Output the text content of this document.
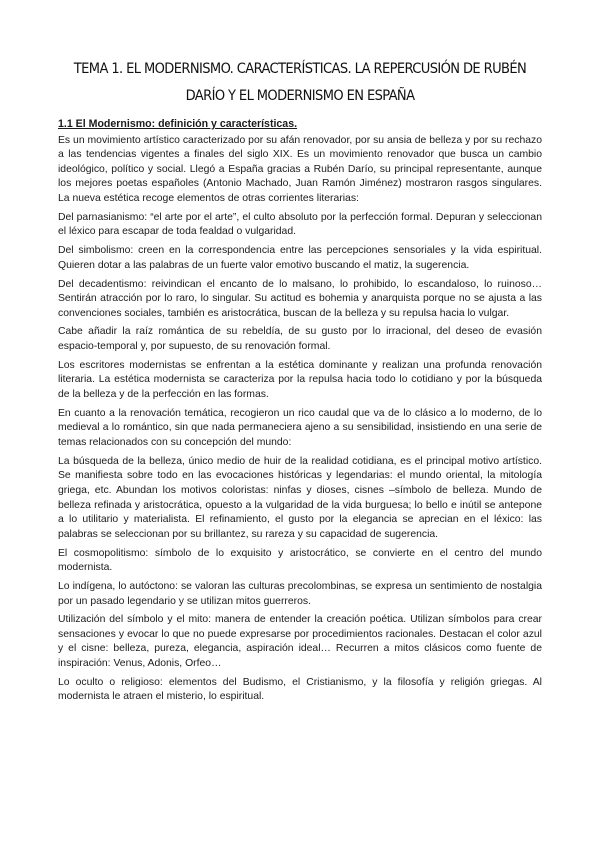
TEMA 1. EL MODERNISMO. CARACTERÍSTICAS. LA REPERCUSIÓN DE RUBÉN DARÍO Y EL MODERNISMO EN ESPAÑA
1.1 El Modernismo: definición y características.

Es un movimiento artístico caracterizado por su afán renovador, por su ansia de belleza y por su rechazo a las tendencias vigentes a finales del siglo XIX. Es un movimiento renovador que busca un cambio ideológico, político y social. Llegó a España gracias a Rubén Darío, su principal representante, aunque los mejores poetas españoles (Antonio Machado, Juan Ramón Jiménez) mostraron rasgos singulares. La nueva estética recoge elementos de otras corrientes literarias:

Del parnasianismo: “el arte por el arte”, el culto absoluto por la perfección formal. Depuran y seleccionan el léxico para escapar de toda fealdad o vulgaridad.

Del simbolismo: creen en la correspondencia entre las percepciones sensoriales y la vida espiritual. Quieren dotar a las palabras de un fuerte valor emotivo buscando el matiz, la sugerencia.

Del decadentismo: reivindican el encanto de lo malsano, lo prohibido, lo escandaloso, lo ruinoso… Sentirán atracción por lo raro, lo singular. Su actitud es bohemia y anarquista porque no se ajusta a las convenciones sociales, también es aristocrática, buscan de la belleza y su repulsa hacia lo vulgar.

Cabe añadir la raíz romántica de su rebeldía, de su gusto por lo irracional, del deseo de evasión espacio-temporal y, por supuesto, de su renovación formal.

Los escritores modernistas se enfrentan a la estética dominante y realizan una profunda renovación literaria. La estética modernista se caracteriza por la repulsa hacia todo lo cotidiano y por la búsqueda de la belleza y de la perfección en las formas.

En cuanto a la renovación temática, recogieron un rico caudal que va de lo clásico a lo moderno, de lo medieval a lo romántico, sin que nada permaneciera ajeno a su sensibilidad, insistiendo en una serie de temas relacionados con su concepción del mundo:

La búsqueda de la belleza, único medio de huir de la realidad cotidiana, es el principal motivo artístico. Se manifiesta sobre todo en las evocaciones históricas y legendarias: el mundo oriental, la mitología griega, etc. Abundan los motivos coloristas: ninfas y dioses, cisnes –símbolo de belleza. Mundo de belleza refinada y aristocrática, opuesto a la vulgaridad de la vida burguesa; lo bello e inútil se antepone a lo utilitario y materialista. El refinamiento, el gusto por la elegancia se aprecian en el léxico: las palabras se seleccionan por su brillantez, su rareza y su capacidad de sugerencia.

El cosmopolitismo: símbolo de lo exquisito y aristocrático, se convierte en el centro del mundo modernista.

Lo indígena, lo autóctono: se valoran las culturas precolombinas, se expresa un sentimiento de nostalgia por un pasado legendario y se utilizan mitos guerreros.

Utilización del símbolo y el mito: manera de entender la creación poética. Utilizan símbolos para crear sensaciones y evocar lo que no puede expresarse por procedimientos racionales. Destacan el color azul y el cisne: belleza, pureza, elegancia, aspiración ideal… Recurren a mitos clásicos como fuente de inspiración: Venus, Adonis, Orfeo…

Lo oculto o religioso: elementos del Budismo, el Cristianismo, y la filosofía y religión griegas. Al modernista le atraen el misterio, lo espiritual.
